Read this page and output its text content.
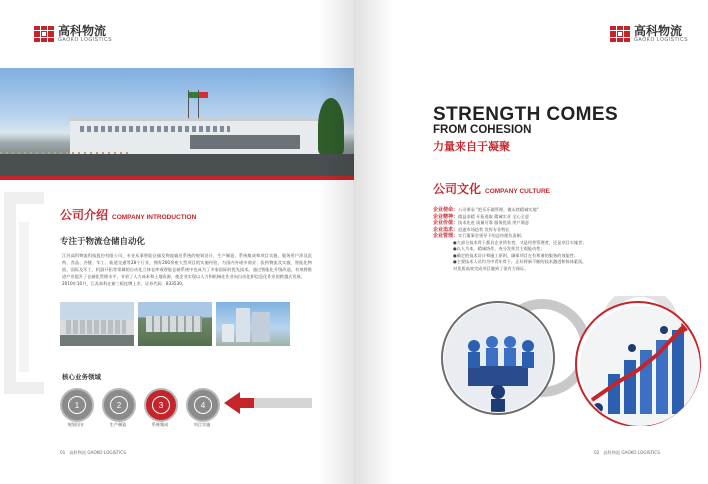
高科物流
GAOKO LOGISTICS
公司介绍 COMPANY INTRODUCTION
专注于物流仓储自动化
江苏高科物流科技股份有限公司，专业从事智能仓储及物流输送系统的规划设计、生产制造、系统集成和项目实施，服务用户涉及医药、食品、冷链、军工、轨道交通等28个行业，拥有200余座大型项目的实施经验，为国内外诸多商业、医药物流及实施、智能化物流、国际及军工、机器开拓等领域的自动化立体仓库或智能仓储系统中也成为了多家国际的优先技术。通过智能化升级改造，有效将推进产业提升了仓储化管理水平，节省了人力成本和土地资源，使企业实现以人力和机械化作业向自动化和信息化作业的跨越式发展。
2010年10月，江苏高科在新三板挂牌上市，证券代码：833530。
核心业务领域
1	2	3	4
规划设计	生产制造	系统集成	项目实施
01 高科物流 GAOKO LOGISTICS
高科物流
GAOKO LOGISTICS
STRENGTH COMES
FROM COHESION
力量来自于凝聚
公司文化 COMPANY CULTURE
企业使命：公司秉承 "把乐乐做管理、做永续精诚实地"
企业精神：精益求精 开拓进取 精诚实业 全心全意
企业价值：技术先进 质量可靠 服务优质 用户满意
企业追求：追逐市场趋势 发挥专业特长
企业管理：实行董事会领导下的总经理负责制；
●大部分技术骨干都具企业所有者，又是经营管理者，还是项目实施者；
●以人为本，精诚协作，充分发挥其主观能动性；
●确定的技术设计和施工原则，确保项目在有和谐的服务的效能性；
●主要技术人员均为中青年骨干，正好将新不断的技术激进和体体素质，
对优质高效完成项目做到了很有力保证。
02 高科物流 GAOKO LOGISTICS
